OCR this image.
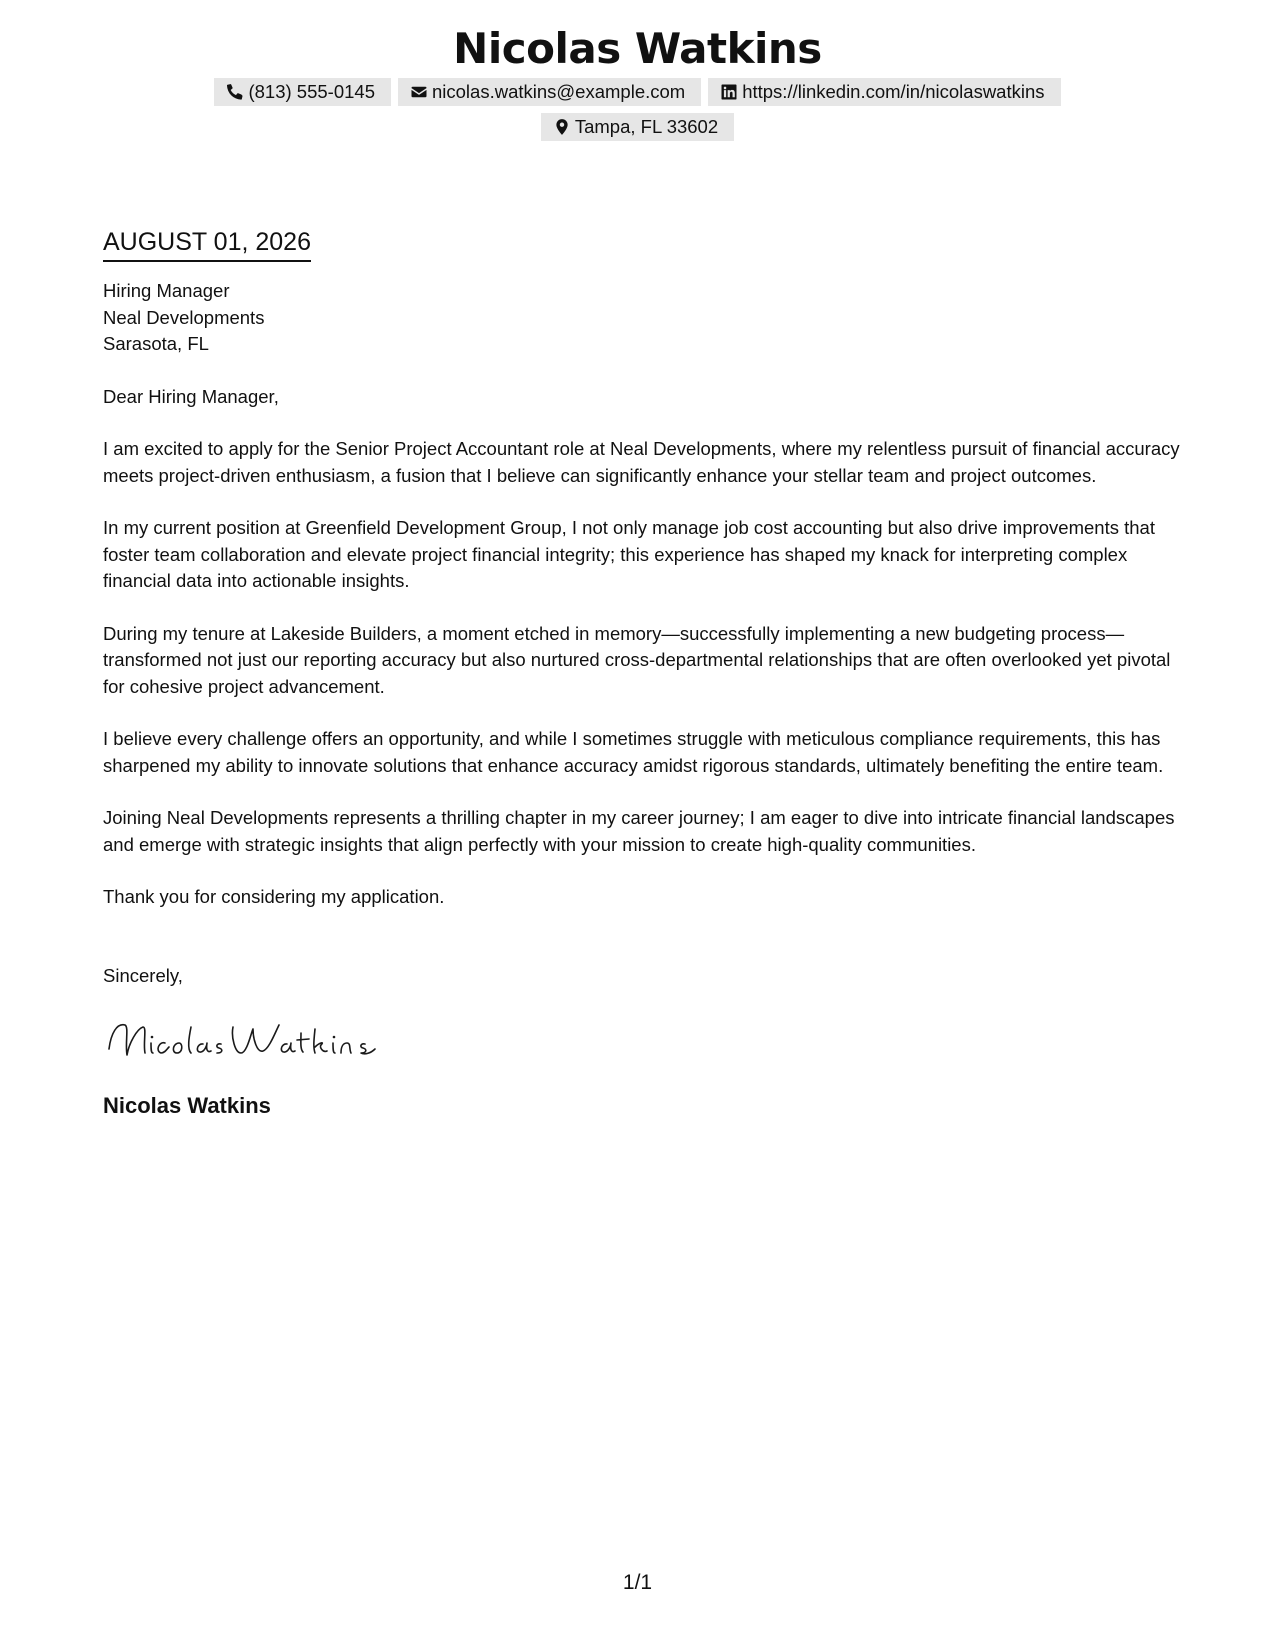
Nicolas Watkins
(813) 555-0145	nicolas.watkins@example.com	https://linkedin.com/in/nicolaswatkins
Tampa, FL 33602
AUGUST 01, 2026
Hiring Manager
Neal Developments
Sarasota, FL
Dear Hiring Manager,

I am excited to apply for the Senior Project Accountant role at Neal Developments, where my relentless pursuit of financial accuracy meets project-driven enthusiasm, a fusion that I believe can significantly enhance your stellar team and project outcomes.

In my current position at Greenfield Development Group, I not only manage job cost accounting but also drive improvements that foster team collaboration and elevate project financial integrity; this experience has shaped my knack for interpreting complex financial data into actionable insights.

During my tenure at Lakeside Builders, a moment etched in memory—successfully implementing a new budgeting process—transformed not just our reporting accuracy but also nurtured cross-departmental relationships that are often overlooked yet pivotal for cohesive project advancement.

I believe every challenge offers an opportunity, and while I sometimes struggle with meticulous compliance requirements, this has sharpened my ability to innovate solutions that enhance accuracy amidst rigorous standards, ultimately benefiting the entire team.

Joining Neal Developments represents a thrilling chapter in my career journey; I am eager to dive into intricate financial landscapes and emerge with strategic insights that align perfectly with your mission to create high-quality communities.

Thank you for considering my application.

Sincerely,
Nicolas Watkins
1/1
